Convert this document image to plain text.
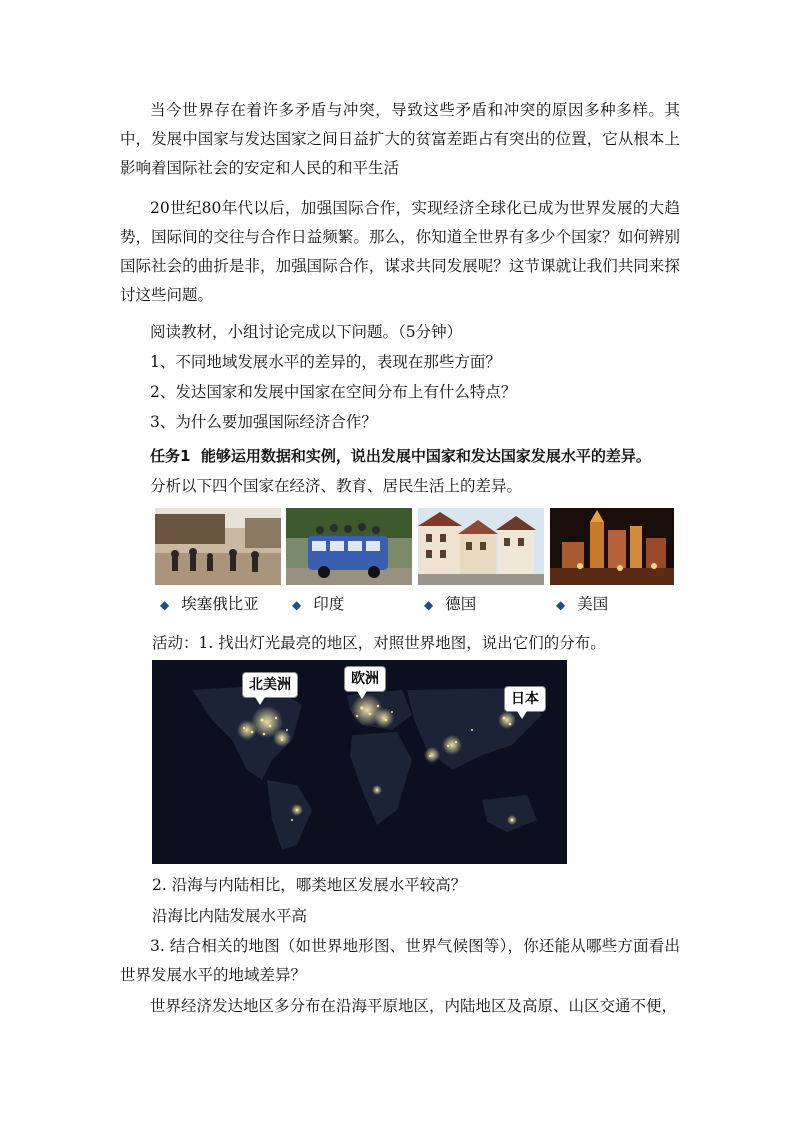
当今世界存在着许多矛盾与冲突，导致这些矛盾和冲突的原因多种多样。其中，发展中国家与发达国家之间日益扩大的贫富差距占有突出的位置，它从根本上影响着国际社会的安定和人民的和平生活

20世纪80年代以后，加强国际合作，实现经济全球化已成为世界发展的大趋势，国际间的交往与合作日益频繁。那么，你知道全世界有多少个国家？如何辨别国际社会的曲折是非，加强国际合作，谋求共同发展呢？这节课就让我们共同来探讨这些问题。

阅读教材，小组讨论完成以下问题。（5分钟）

1、不同地域发展水平的差异的，表现在那些方面？

2、发达国家和发展中国家在空间分布上有什么特点？

3、为什么要加强国际经济合作？

任务1 能够运用数据和实例，说出发展中国家和发达国家发展水平的差异。

分析以下四个国家在经济、教育、居民生活上的差异。

◆ 埃塞俄比亚	◆ 印度	◆ 德国	◆ 美国

活动：1. 找出灯光最亮的地区，对照世界地图，说出它们的分布。

北美洲	欧洲
日本

2. 沿海与内陆相比，哪类地区发展水平较高？

沿海比内陆发展水平高

3. 结合相关的地图（如世界地形图、世界气候图等），你还能从哪些方面看出世界发展水平的地域差异？

世界经济发达地区多分布在沿海平原地区，内陆地区及高原、山区交通不便，
